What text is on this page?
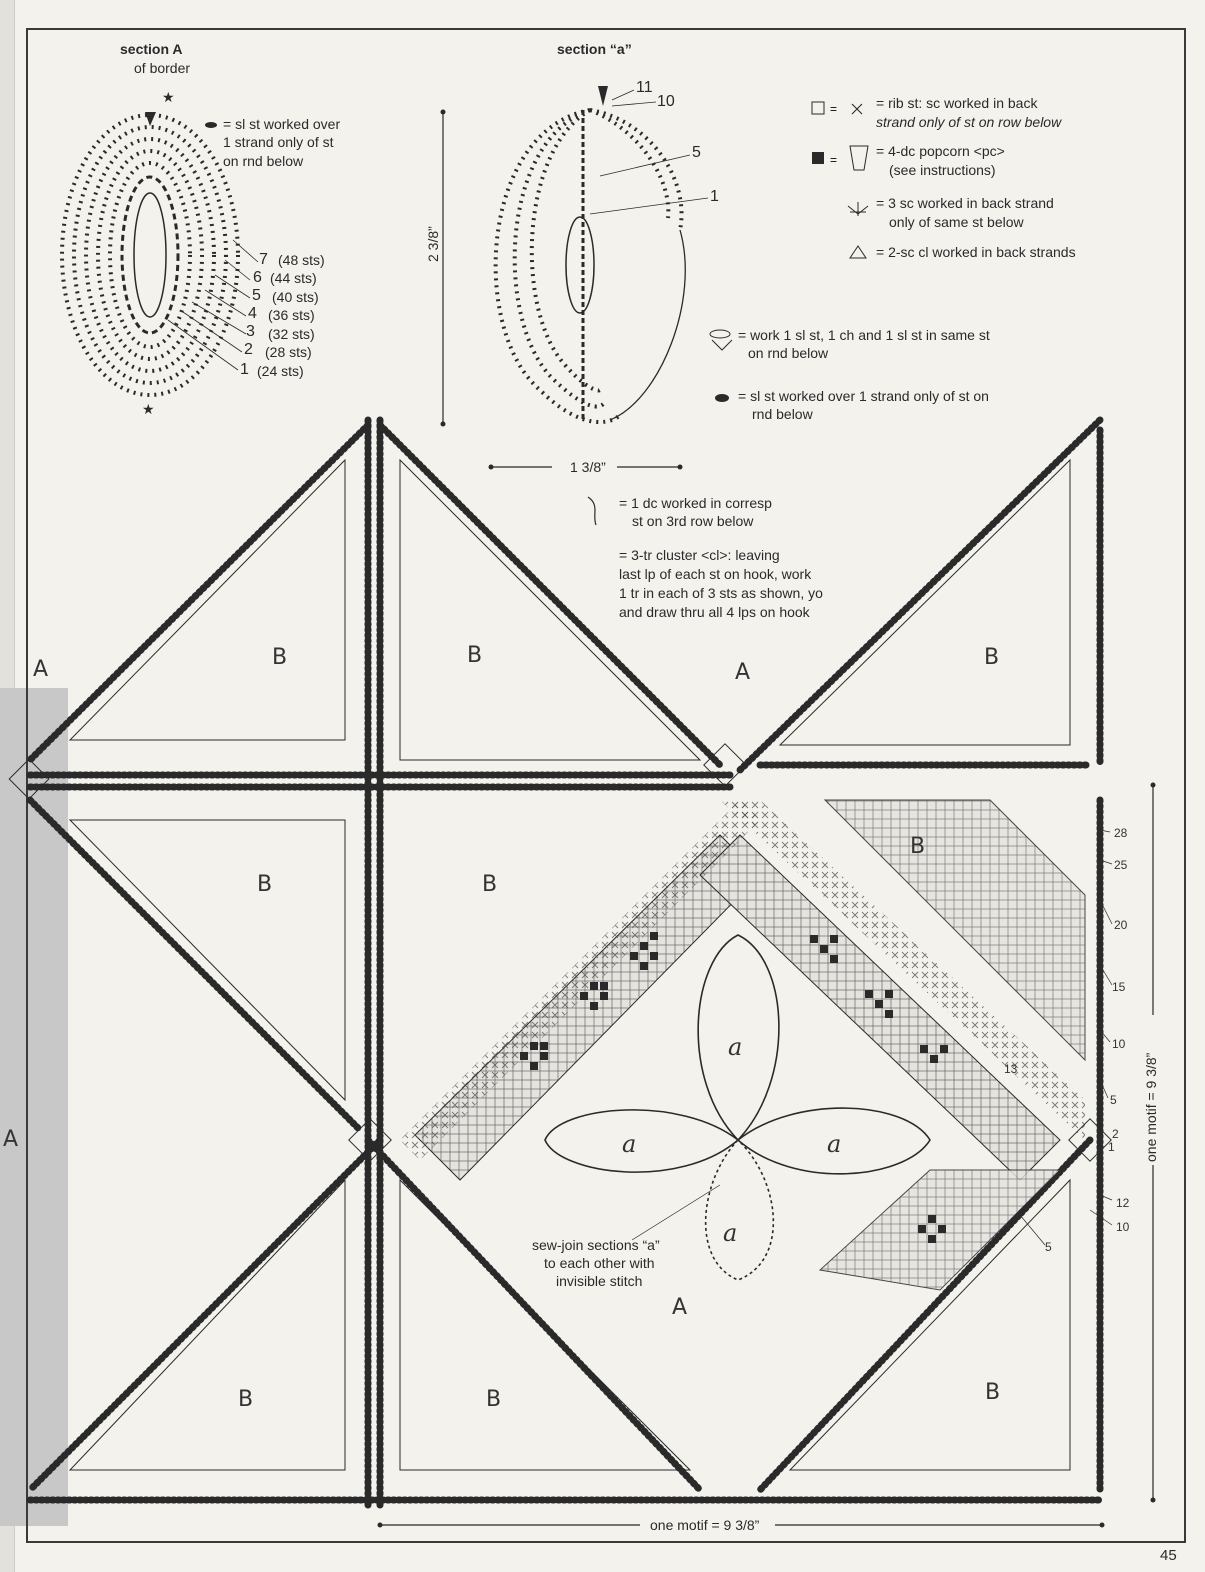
★
★
=
=
section A
of border
= sl st worked over
1 strand only of st
on rnd below
7 (48 sts)
6 (44 sts)
5 (40 sts)
4 (36 sts)
3 (32 sts)
2 (28 sts)
1 (24 sts)
section “a”
11
10
5
1
2 3/8”
1 3/8”
= rib st: sc worked in back
strand only of st on row below
= 4-dc popcorn <pc>
(see instructions)
= 3 sc worked in back strand
only of same st below
= 2-sc cl worked in back strands
= work 1 sl st, 1 ch and 1 sl st in same st
on rnd below
= sl st worked over 1 strand only of st on
rnd below
= 1 dc worked in corresp
st on 3rd row below
= 3-tr cluster <cl>: leaving
last lp of each st on hook, work
1 tr in each of 3 sts as shown, yo
and draw thru all 4 lps on hook
A	B	B
A
B
B	B
B
A
A
B	B	B
a
a	a
a
28
25
20
15
10
5
2
1
12
10
5
13
sew-join sections “a”
to each other with
invisible stitch
one motif = 9 3/8”
one motif = 9 3/8”
45
